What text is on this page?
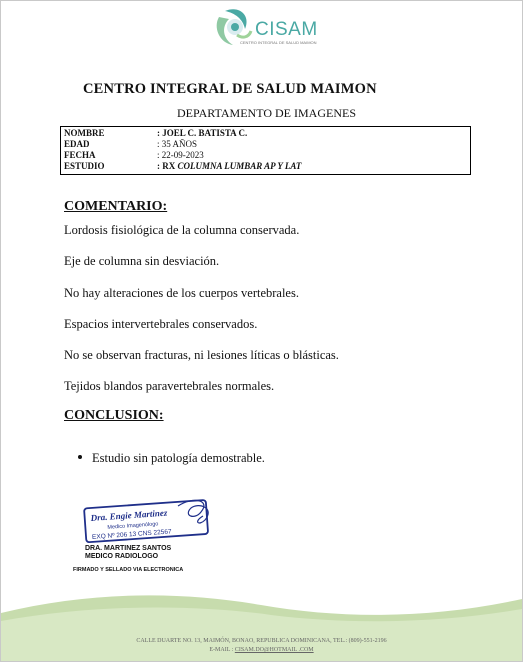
CISAM
CENTRO INTEGRAL DE SALUD MAIMON
CENTRO INTEGRAL DE SALUD MAIMON
DEPARTAMENTO DE IMAGENES
NOMBRE	: JOEL C. BATISTA C.
EDAD	: 35 AÑOS
FECHA	: 22-09-2023
ESTUDIO	: RX COLUMNA LUMBAR AP Y LAT
COMENTARIO:
Lordosis fisiológica de la columna conservada.
Eje de columna sin desviación.
No hay alteraciones de los cuerpos vertebrales.
Espacios intervertebrales conservados.
No se observan fracturas, ni lesiones líticas o blásticas.
Tejidos blandos paravertebrales normales.
CONCLUSION:
Estudio sin patología demostrable.
Dra. Engie Martinez
Medico Imagenólogo
EXQ Nº 206 13 CNS 22567
DRA. MARTINEZ SANTOS
MEDICO RADIOLOGO
FIRMADO Y SELLADO VIA ELECTRONICA
CALLE DUARTE NO. 13, MAIMÓN, BONAO, REPUBLICA DOMINICANA, TEL.: (809)-551-2196
E-MAIL : CISAM.DO@HOTMAIL .COM
